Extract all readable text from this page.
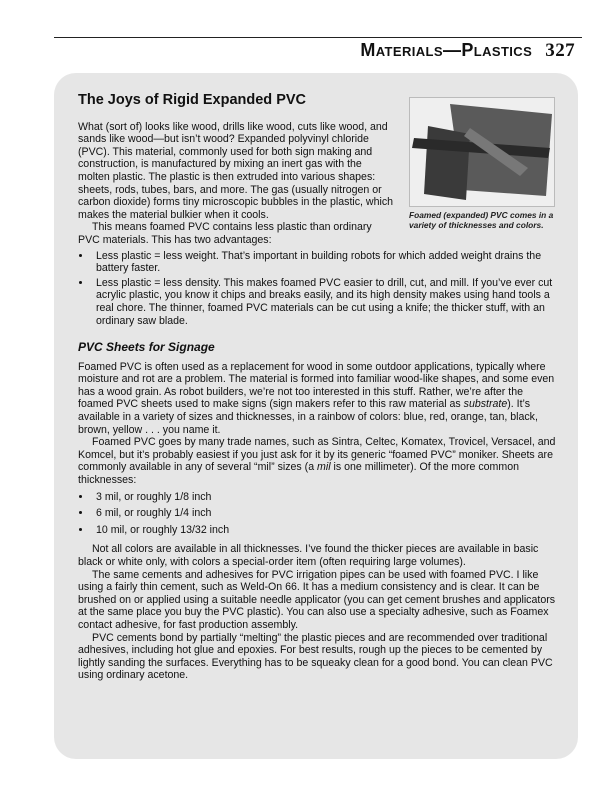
Materials—Plastics 327
Foamed (expanded) PVC comes in a variety of thicknesses and colors.
The Joys of Rigid Expanded PVC

What (sort of) looks like wood, drills like wood, cuts like wood, and sands like wood—but isn’t wood? Expanded polyvinyl chloride (PVC). This material, commonly used for both sign making and construction, is manufactured by mixing an inert gas with the molten plastic. The plastic is then extruded into various shapes: sheets, rods, tubes, bars, and more. The gas (usually nitrogen or carbon dioxide) forms tiny microscopic bubbles in the plastic, which makes the material bulkier when it cools.

This means foamed PVC contains less plastic than ordinary PVC materials. This has two advantages:

• Less plastic = less weight. That’s important in building robots for which added weight drains the battery faster.
• Less plastic = less density. This makes foamed PVC easier to drill, cut, and mill. If you’ve ever cut acrylic plastic, you know it chips and breaks easily, and its high density makes using hand tools a real chore. The thinner, foamed PVC materials can be cut using a knife; the thicker stuff, with an ordinary saw blade.
PVC Sheets for Signage

Foamed PVC is often used as a replacement for wood in some outdoor applications, typically where moisture and rot are a problem. The material is formed into familiar wood-like shapes, and some even has a wood grain. As robot builders, we’re not too interested in this stuff. Rather, we’re after the foamed PVC sheets used to make signs (sign makers refer to this raw material as substrate). It’s available in a variety of sizes and thicknesses, in a rainbow of colors: blue, red, orange, tan, black, brown, yellow . . . you name it.

Foamed PVC goes by many trade names, such as Sintra, Celtec, Komatex, Trovicel, Versacel, and Komcel, but it’s probably easiest if you just ask for it by its generic “foamed PVC” moniker. Sheets are commonly available in any of several “mil” sizes (a mil is one millimeter). Of the more common thicknesses:

• 3 mil, or roughly 1/8 inch
• 6 mil, or roughly 1/4 inch
• 10 mil, or roughly 13/32 inch

Not all colors are available in all thicknesses. I’ve found the thicker pieces are available in basic black or white only, with colors a special-order item (often requiring large volumes).

The same cements and adhesives for PVC irrigation pipes can be used with foamed PVC. I like using a fairly thin cement, such as Weld-On 66. It has a medium consistency and is clear. It can be brushed on or applied using a suitable needle applicator (you can get cement brushes and applicators at the same place you buy the PVC plastic). You can also use a specialty adhesive, such as Foamex contact adhesive, for fast production assembly.

PVC cements bond by partially “melting” the plastic pieces and are recommended over traditional adhesives, including hot glue and epoxies. For best results, rough up the pieces to be cemented by lightly sanding the surfaces. Everything has to be squeaky clean for a good bond. You can clean PVC using ordinary acetone.
